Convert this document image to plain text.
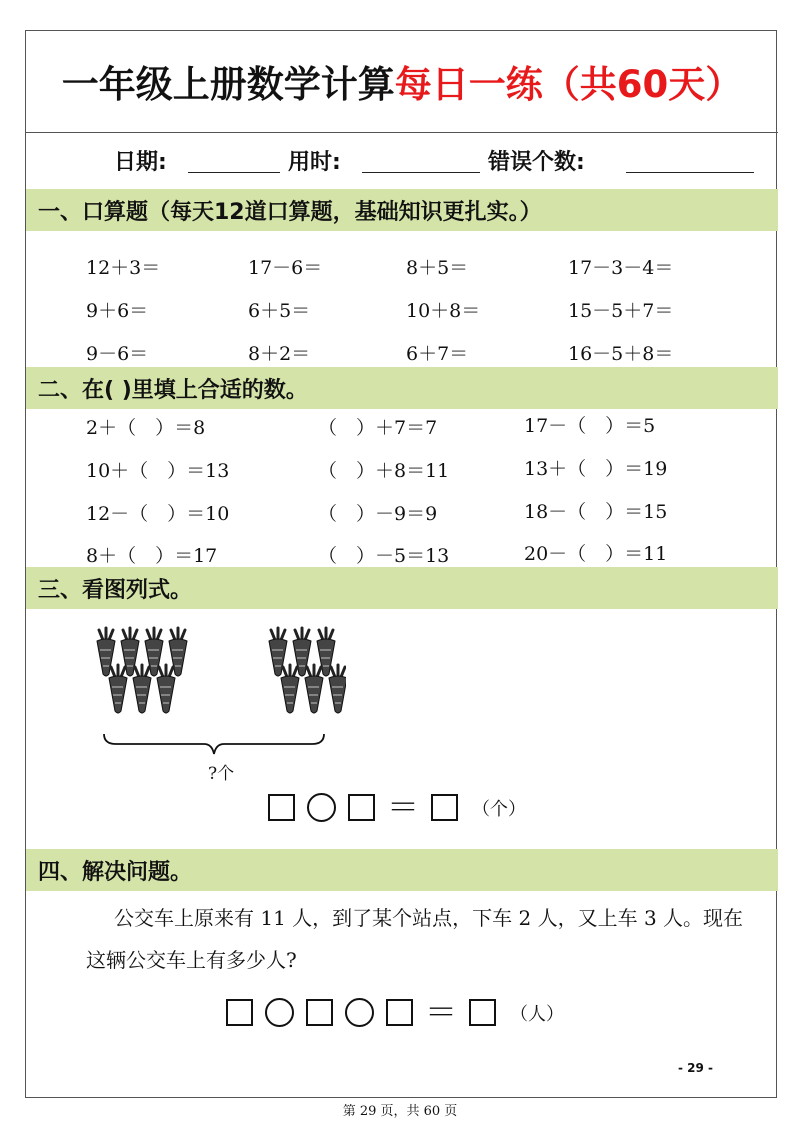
一年级上册数学计算 每日一练（共60天）
日期:	用时:	错误个数:
一、口算题（每天12道口算题，基础知识更扎实。）
12＋3＝	17－6＝	8＋5＝	17－3－4＝
9＋6＝	6＋5＝	10＋8＝	15－5＋7＝
9－6＝	8＋2＝	6＋7＝	16－5＋8＝
二、在( )里填上合适的数。
2＋（　）＝8	（　）＋7＝7	17－（　）＝5
10＋（　）＝13	（　）＋8＝11	13＋（　）＝19
12－（　）＝10	（　）－9＝9	18－（　）＝15
8＋（　）＝17	（　）－5＝13	20－（　）＝11
三、看图列式。
?个
＝	（个）
四、解决问题。
公交车上原来有 11 人，到了某个站点，下车 2 人，又上车 3 人。现在这辆公交车上有多少人?
＝	（人）
- 29 -
第 29 页，共 60 页
